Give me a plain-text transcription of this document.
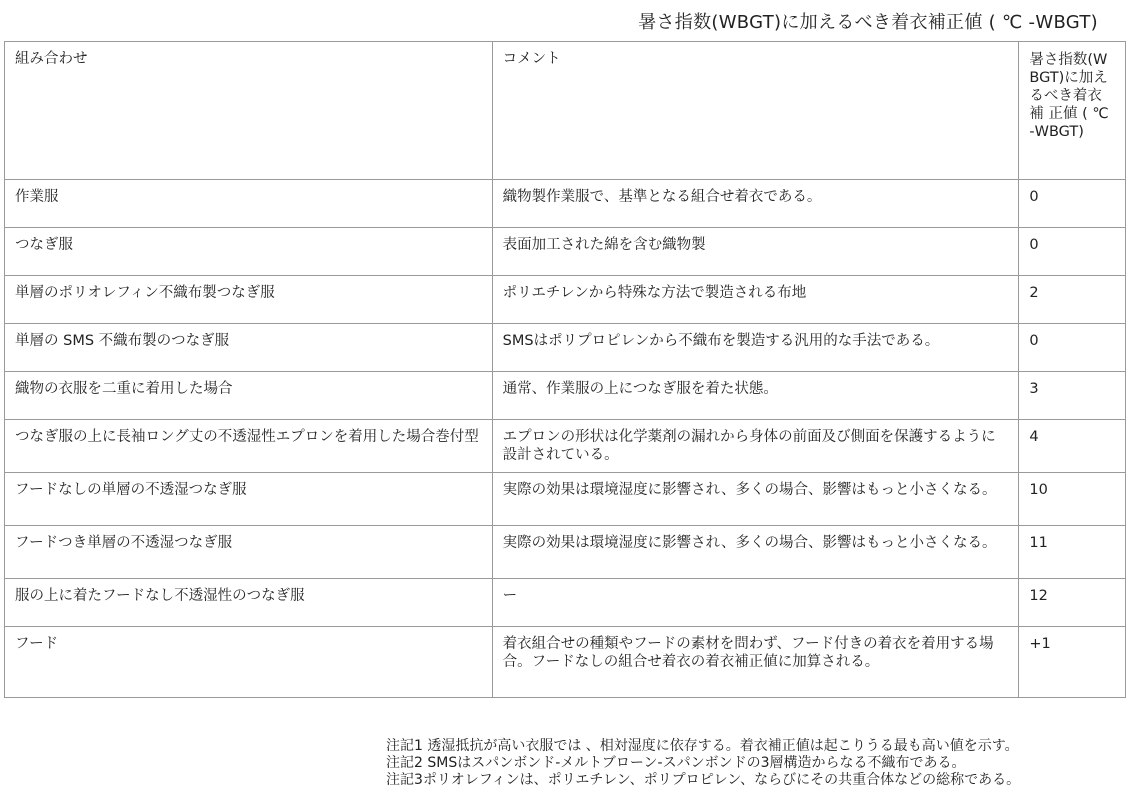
暑さ指数(WBGT)に加えるべき着衣補正値 ( ℃ -WBGT)
組み合わせ	コメント	暑さ指数(WBGT)に加えるべき着衣 補 正値 ( ℃ -WBGT)
作業服	織物製作業服で、基準となる組合せ着衣である。	0
つなぎ服	表面加工された綿を含む織物製	0
単層のポリオレフィン不織布製つなぎ服	ポリエチレンから特殊な方法で製造される布地	2
単層の SMS 不織布製のつなぎ服	SMSはポリプロピレンから不織布を製造する汎用的な手法である。	0
織物の衣服を二重に着用した場合	通常、作業服の上につなぎ服を着た状態。	3
つなぎ服の上に長袖ロング丈の不透湿性エプロンを着用した場合巻付型	エプロンの形状は化学薬剤の漏れから身体の前面及び側面を保護するように設計されている。	4
フードなしの単層の不透湿つなぎ服	実際の効果は環境湿度に影響され、多くの場合、影響はもっと小さくなる。	10
フードつき単層の不透湿つなぎ服	実際の効果は環境湿度に影響され、多くの場合、影響はもっと小さくなる。	11
服の上に着たフードなし不透湿性のつなぎ服	ー	12
フード	着衣組合せの種類やフードの素材を問わず、フード付きの着衣を着用する場合。フードなしの組合せ着衣の着衣補正値に加算される。	+1
注記1 透湿抵抗が高い衣服では 、相対湿度に依存する。着衣補正値は起こりうる最も高い値を示す。
注記2 SMSはスパンボンド-メルトブローン-スパンボンドの3層構造からなる不織布である。
注記3ポリオレフィンは、ポリエチレン、ポリプロピレン、ならびにその共重合体などの総称である。
